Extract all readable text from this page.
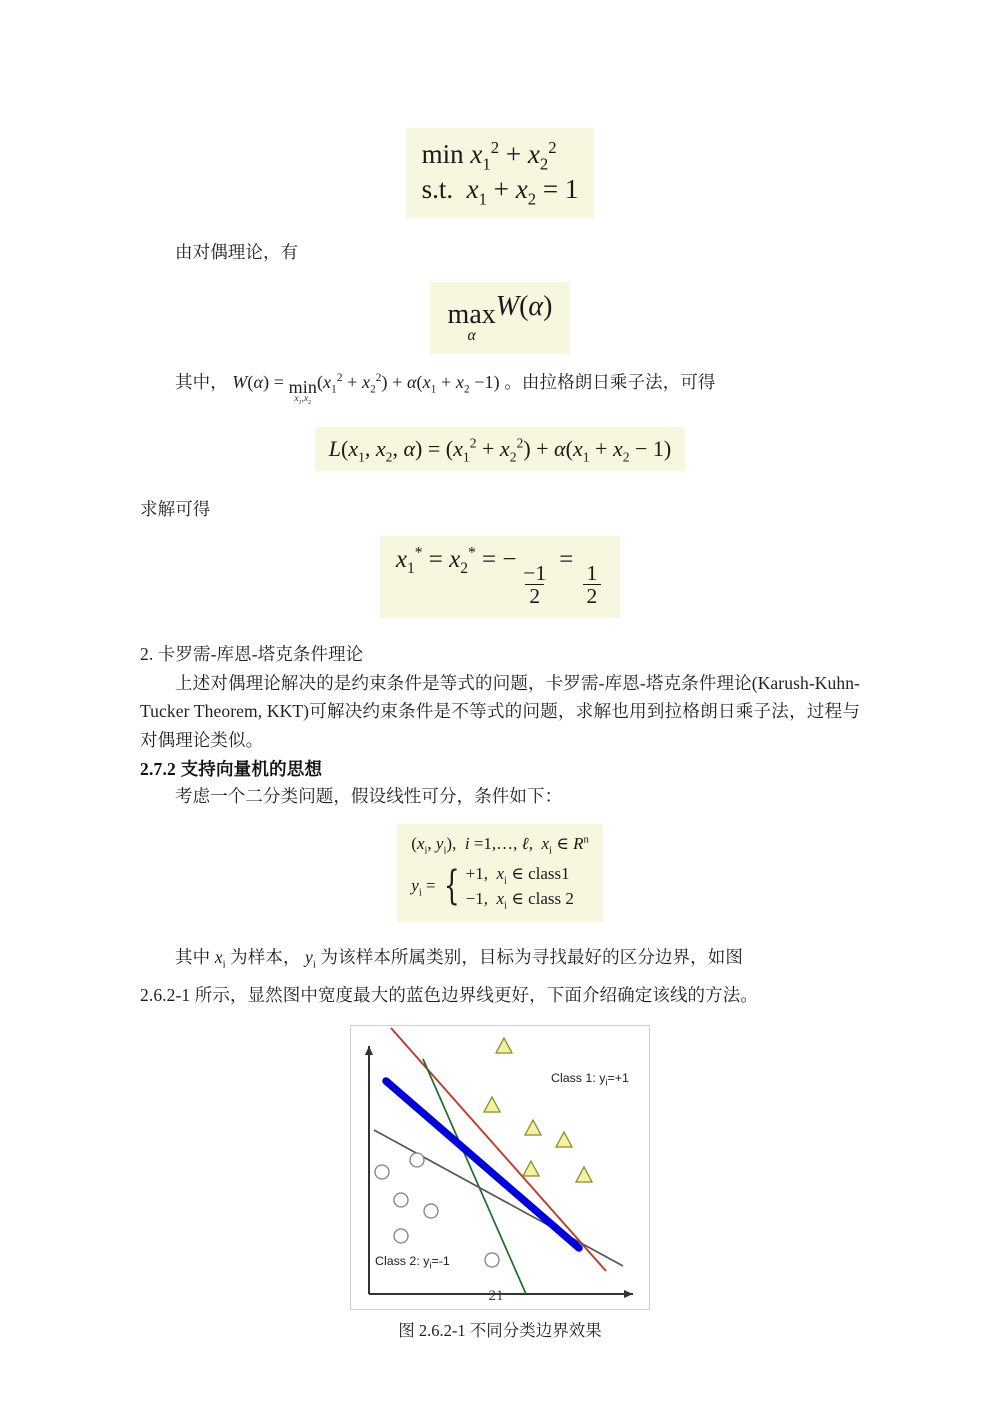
$\min x_1^2 + x_2^2$
s.t.  $x_1 + x_2 = 1$
由对偶理论，有
max
α
W(α)
其中， W(α) = min
$x_1,x_2$
$(x_1^2 + x_2^2) + \alpha(x_1 + x_2 -1)$ 。由拉格朗日乘子法，可得
$L(x_1$, $x_2$, $\alpha) = (x_1^2 + x_2^2) + \alpha(x_1 + x_2 - 1)$
求解可得
$x_1^* = x_2^*$ = −
$\frac{-1}{2}$
=
$\frac{1}{2}$
2. 卡罗需-库恩-塔克条件理论
上述对偶理论解决的是约束条件是等式的问题，卡罗需-库恩-塔克条件理论(Karush-Kuhn-Tucker Theorem, KKT)可解决约束条件是不等式的问题，求解也用到拉格朗日乘子法，过程与对偶理论类似。
2.7.2 支持向量机的思想
考虑一个二分类问题，假设线性可分，条件如下：
($x_i$, $y_i$),  i =1,…, ℓ,  $x_i$ ∈ $R^n$
$y_i$ = { +1,  $x_i$ ∈ class1
−1,  $x_i$ ∈ class 2
其中 $x_i$ 为样本， $y_i$ 为该样本所属类别，目标为寻找最好的区分边界，如图
2.6.2-1 所示，显然图中宽度最大的蓝色边界线更好，下面介绍确定该线的方法。
Class 1: $y_i=+1$
Class 2: $y_i=-1$
图 2.6.2-1 不同分类边界效果
21
